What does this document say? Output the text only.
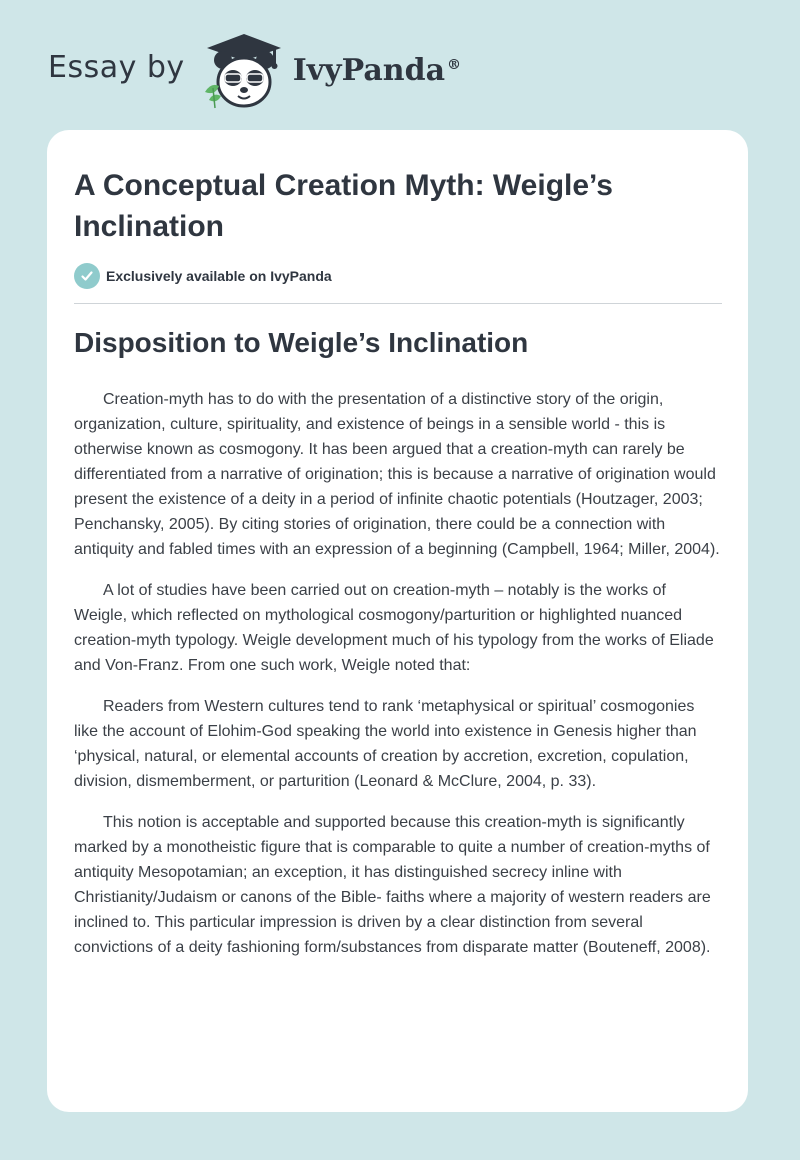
Essay by	IvyPanda ®
A Conceptual Creation Myth: Weigle’s Inclination
Exclusively available on IvyPanda
Disposition to Weigle’s Inclination

Creation-myth has to do with the presentation of a distinctive story of the origin, organization, culture, spirituality, and existence of beings in a sensible world - this is otherwise known as cosmogony. It has been argued that a creation-myth can rarely be differentiated from a narrative of origination; this is because a narrative of origination would present the existence of a deity in a period of infinite chaotic potentials (Houtzager, 2003; Penchansky, 2005). By citing stories of origination, there could be a connection with antiquity and fabled times with an expression of a beginning (Campbell, 1964; Miller, 2004).

A lot of studies have been carried out on creation-myth – notably is the works of Weigle, which reflected on mythological cosmogony/parturition or highlighted nuanced creation-myth typology. Weigle development much of his typology from the works of Eliade and Von-Franz. From one such work, Weigle noted that:

Readers from Western cultures tend to rank ‘metaphysical or spiritual’ cosmogonies like the account of Elohim-God speaking the world into existence in Genesis higher than ‘physical, natural, or elemental accounts of creation by accretion, excretion, copulation, division, dismemberment, or parturition (Leonard & McClure, 2004, p. 33).

This notion is acceptable and supported because this creation-myth is significantly marked by a monotheistic figure that is comparable to quite a number of creation-myths of antiquity Mesopotamian; an exception, it has distinguished secrecy inline with Christianity/Judaism or canons of the Bible- faiths where a majority of western readers are inclined to. This particular impression is driven by a clear distinction from several convictions of a deity fashioning form/substances from disparate matter (Bouteneff, 2008).
